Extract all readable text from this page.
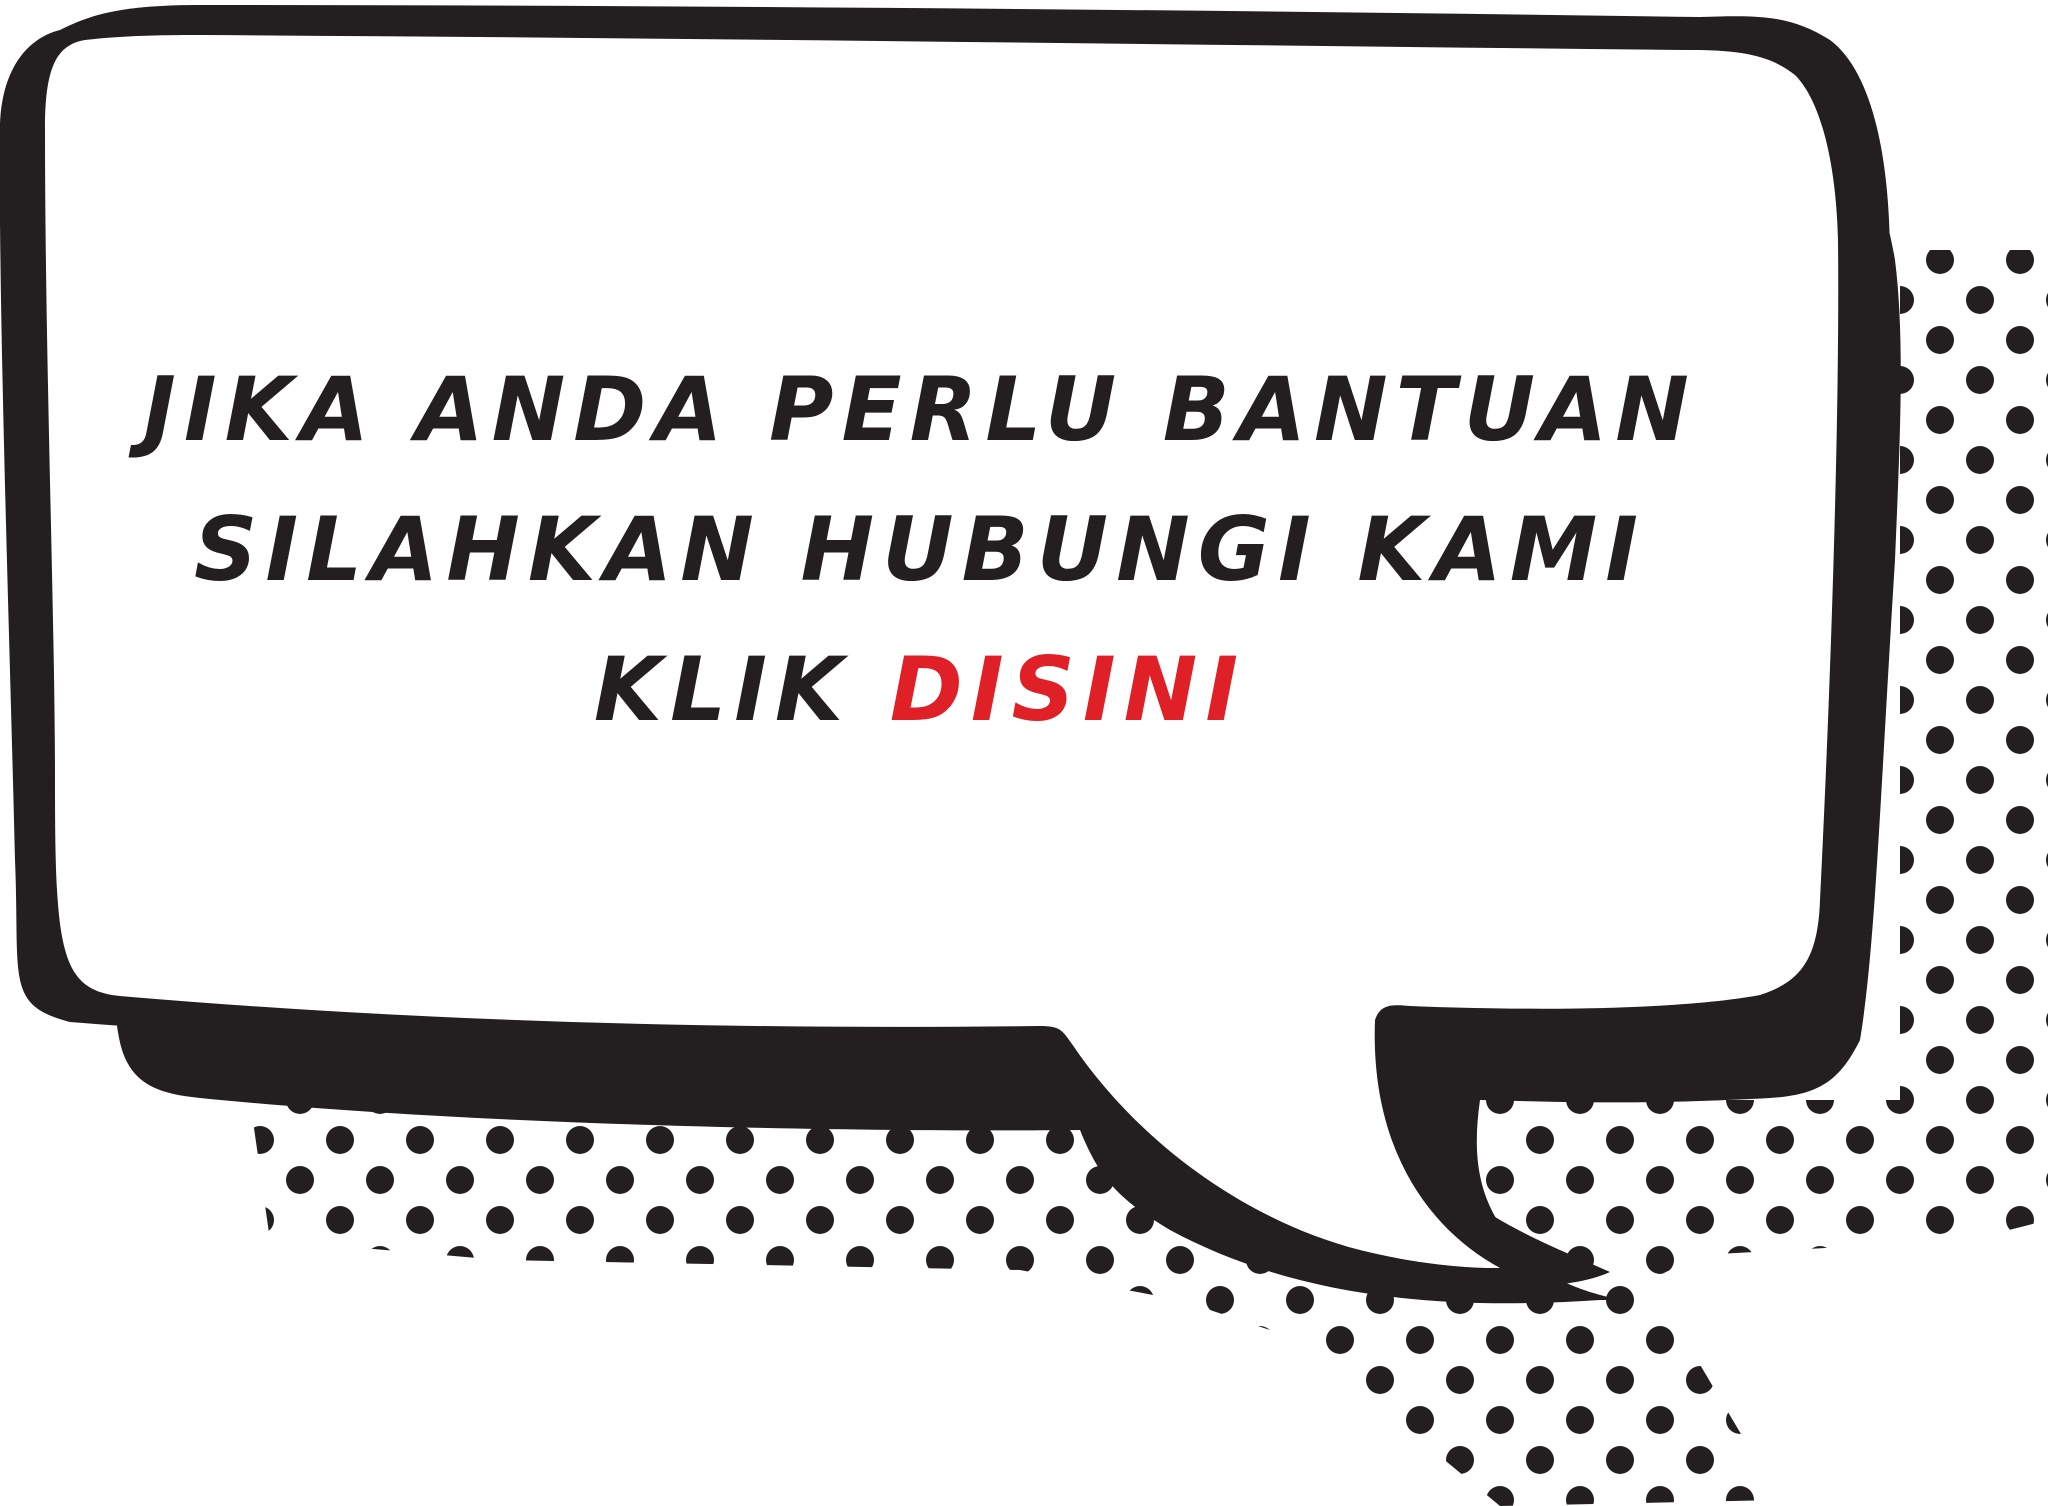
JIKA ANDA PERLU BANTUAN
SILAHKAN HUBUNGI KAMI
KLIK DISINI
